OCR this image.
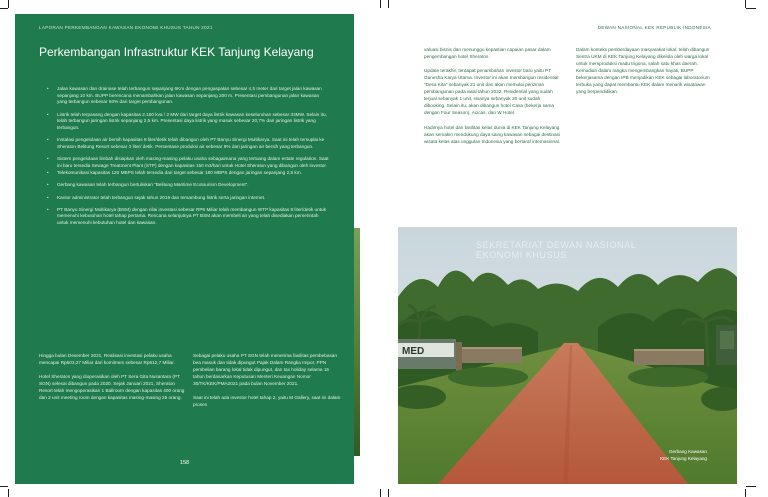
LAPORAN PERKEMBANGAN KAWASAN EKONOMI KHUSUS TAHUN 2021
Perkembangan Infrastruktur KEK Tanjung Kelayang
• Jalan kawasan dan drainase telah terbangun sepanjang 6Km dengan pengaspalan sebesar 4,5 meter dari target jalan kawasan sepanjang 10 km. BUPP berencana menambahkan jalan kawasan sepanjang 200 m. Presentasi pembangunan jalan kawasan yang terbangun sebesar 60% dari target pembangunan.
• Listrik telah terpasang dengan kapasitas 2.160 kva / 2 MW dari target daya listrik kawasan keseluruhan sebesar 33MW. Selain itu, telah terbangun jaringan listrik sepanjang 2,5 km. Presentasi daya listrik yang masuk sebesar 20,7% dari jaringan listrik yang terbangun.
• Instalasi pengelolaan air bersih kapasitas 8 liter/detik telah dibangun oleh PT Banyu Sinergi Multikarya. Saat ini telah tersuplai ke Sheraton Belitung Resort sebesar 3 liter/ detik. Persentase produksi air sebesar 9% dari jaringan air bersih yang terbangun.
• Sistem pengelolaan limbah disiapkan oleh masing-masing pelaku usaha sebagaimana yang tertuang dalam estate regulation. Saat ini baru tersedia Sewage Treatment Plant (STP) dengan kapasitas 150 m3/hari untuk Hotel Sheraton yang dibangun oleh investor.
• Telekomunikasi kapasitas 120 MBPS telah tersedia dari target sebesar 180 MBPS dengan jaringan sepanjang 2,5 km.
• Gerbang kawasan telah terbangun bertuliskan “Belitung Maritime Ecotourism Development”.
• Kantor administrator telah terbangun sejak tahun 2019 dan tersambung listrik serta jaringan internet.
• PT Banyu Sinergi Multikarya (BSM) dengan nilai investasi sebesar RP6 Miliar telah membangun WTP kapasitas 8 liter/detik untuk memenuhi kebutuhan hotel tahap pertama. Rencana selanjutnya PT BSM akan membeli air yang telah disediakan pemerintah untuk memenuhi kebutuhan hotel dan kawasan.
Hingga bulan Desember 2021, Realisasi investasi pelaku usaha mencapai Rp503,27 Miliar dari komitmen sebesar Rp512,7 Miliar.

Hotel Sheraton yang dioperasikan oleh PT Sera Gita Nusantara (PT SGN) selesai dibangun pada 2020. Sejak Januari 2021, Sheraton Resort telah mengoperasikan 1 Ballroom dengan kapasitas 400 orang dan 2 unit meeting room dengan kapasitas masing-masing 25 orang.
Sebagai pelaku usaha PT SGN telah menerima fasilitas pembebasan bea masuk dan tidak dipungut Pajak Dalam Rangka Impor, PPN pembelian barang lokal tidak dipungut, dan tax holiday selama 15 tahun berdasarkan Keputusan Menteri Keuangan Nomor 30/TK/KEK/PMA2021 pada bulan November 2021.

Saat ini telah ada investor hotel tahap 2, yaitu M Gallery, saat ini dalam proses
158
DEWAN NASIONAL KEK REPUBLIK INDONESIA
valuasi bisnis dan menunggu kepastian capaian pasar dalam pengembangan hotel Sheraton.

Update terakhir, terdapat penambahan investor baru yaitu PT Ganesha Karya Utama. Investor ini akan membangun residential “Desa Kita” sebanyak 21 unit dan akan memulai perizinan pembangunan pada awal tahun 2022. Residential yang sudah terjual sebanyak 1 unit, sisanya sebanyak 20 unit sudah dibooking. Selain itu, akan dibangun hotel Casa (bekerja sama dengan Four Season), Acicas, dan W Hotel.

Hadirnya hotel dan fasilitas kelas dunia di KEK Tanjung Kelayang akan semakin mendukung daya saing kawasan sebagai destinasi wisata kelas atas unggulan Indonesia yang bertaraf internasional.
Dalam konteks pemberdayaan masyarakat lokal, telah dibangun Sentra UKM di KEK Tanjung Kelayang dikelola oleh warga lokal untuk memproduksi madu trigona, salah satu khas daerah. Kemudian dalam rangka mengembangkan hayati, BUPP bekerjasama dengan IPB menjadikan KEK sebagai laboratorium terbuka yang dapat membantu KEK dalam menarik wisatawan yang berpendidikan.
MED
SEKRETARIAT DEWAN NASIONAL
EKONOMI KHUSUS
Gerbang Kawasan
KEK Tanjung Kelayang
